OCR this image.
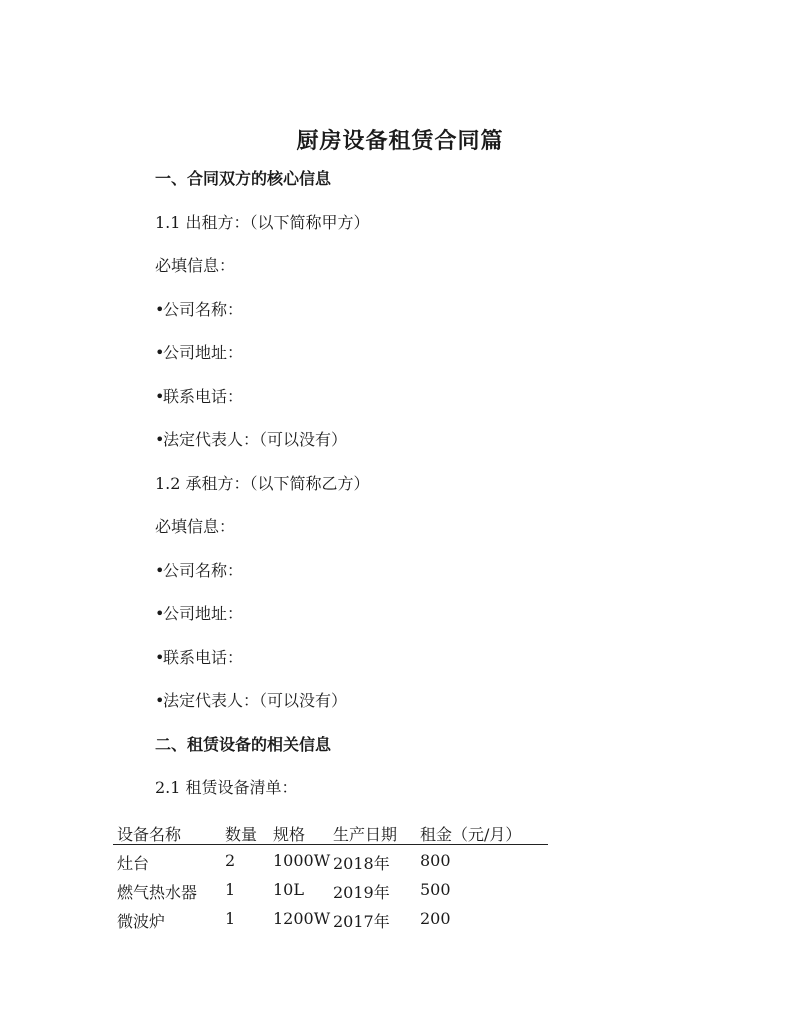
厨房设备租赁合同篇
一、合同双方的核心信息
1.1 出租方：（以下简称甲方）
必填信息：
•公司名称：
•公司地址：
•联系电话：
•法定代表人：（可以没有）
1.2 承租方：（以下简称乙方）
必填信息：
•公司名称：
•公司地址：
•联系电话：
•法定代表人：（可以没有）
二、租赁设备的相关信息
2.1 租赁设备清单：
设备名称	数量 规格 生产日期 租金（元/月）
灶台	2 1000W 2018年 800
燃气热水器 1 10L 2019年 500
微波炉	1 1200W 2017年 200
